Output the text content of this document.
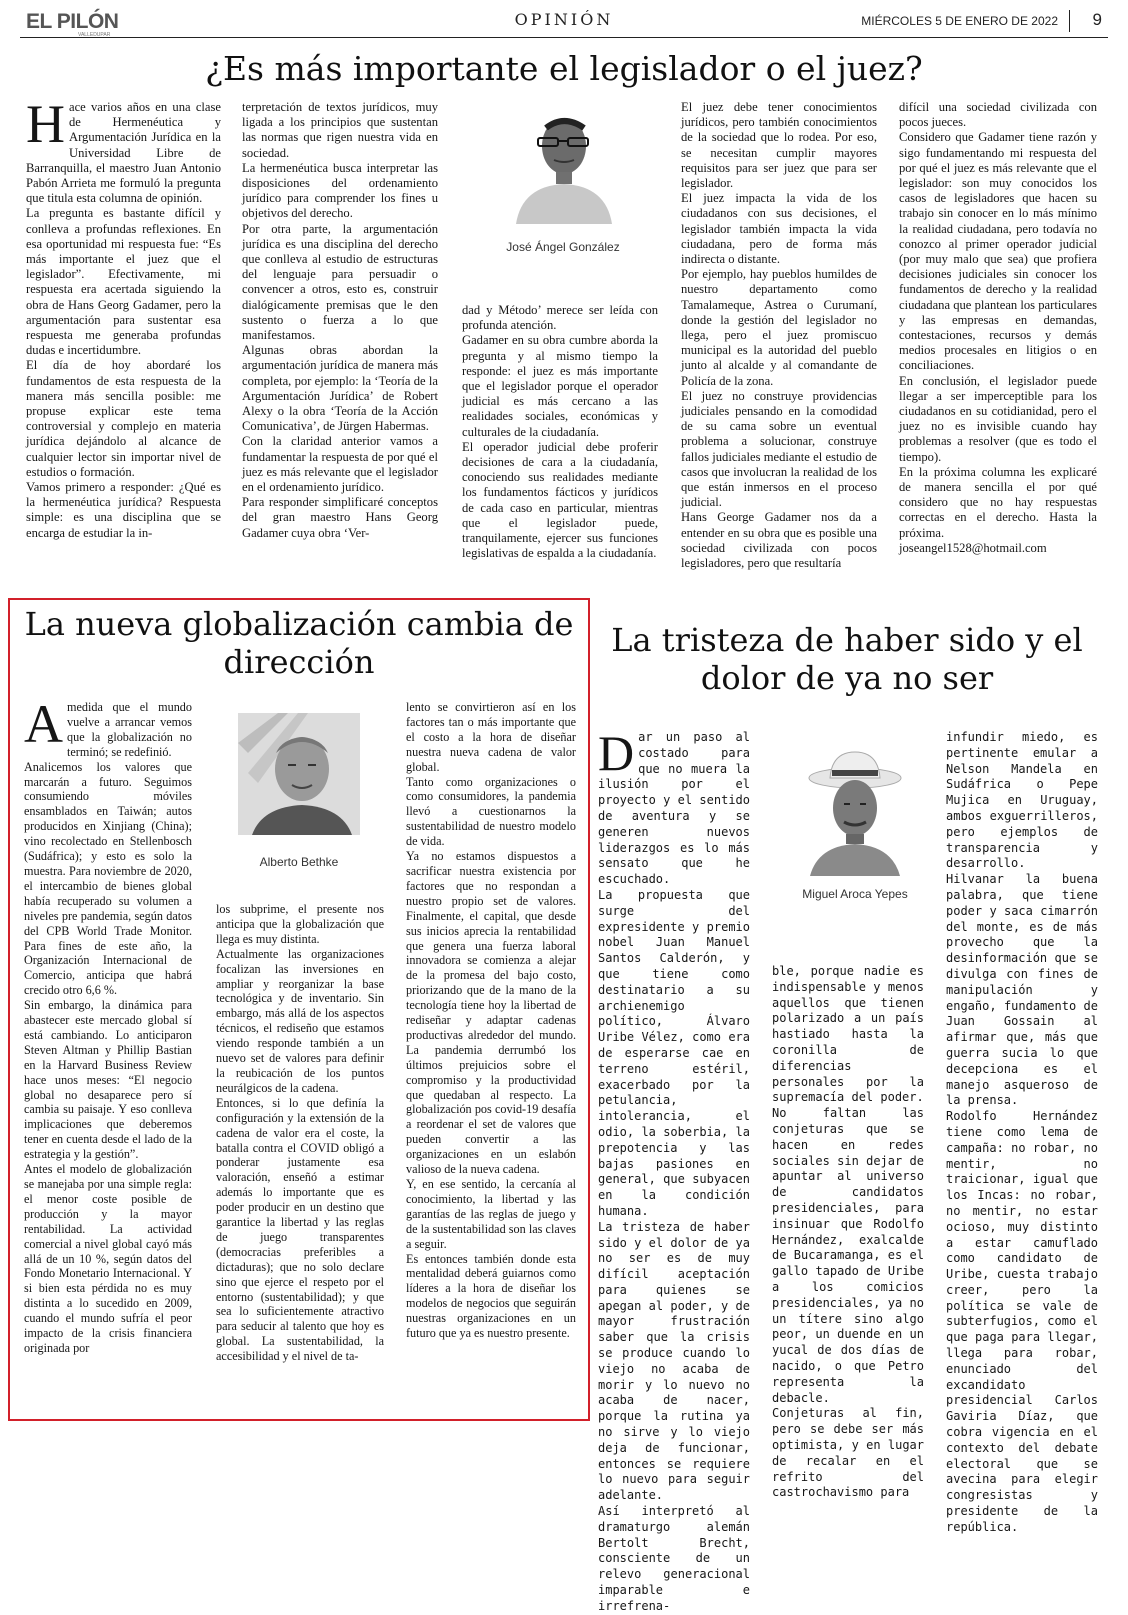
EL PILÓN
VALLEDUPAR
OPINIÓN	MIÉRCOLES 5 DE ENERO DE 2022 9
¿Es más importante el legislador o el juez?
H ace varios años en una clase de Hermenéutica y Argumentación Jurídica en la Universidad Libre de Barranquilla, el maestro Juan Antonio Pabón Arrieta me formuló la pregunta que titula esta columna de opinión.

La pregunta es bastante difícil y conlleva a profundas reflexiones. En esa oportunidad mi respuesta fue: “Es más importante el juez que el legislador”. Efectivamente, mi respuesta era acertada siguiendo la obra de Hans Georg Gadamer, pero la argumentación para sustentar esa respuesta me generaba profundas dudas e incertidumbre.

El día de hoy abordaré los fundamentos de esta respuesta de la manera más sencilla posible: me propuse explicar este tema controversial y complejo en materia jurídica dejándolo al alcance de cualquier lector sin importar nivel de estudios o formación.

Vamos primero a responder: ¿Qué es la hermenéutica jurídica? Respuesta simple: es una disciplina que se encarga de estudiar la in-

terpretación de textos jurídicos, muy ligada a los principios que sustentan las normas que rigen nuestra vida en sociedad.

La hermenéutica busca interpretar las disposiciones del ordenamiento jurídico para comprender los fines u objetivos del derecho.

Por otra parte, la argumentación jurídica es una disciplina del derecho que conlleva al estudio de estructuras del lenguaje para persuadir o convencer a otros, esto es, construir dialógicamente premisas que le den sustento o fuerza a lo que manifestamos.

Algunas obras abordan la argumentación jurídica de manera más completa, por ejemplo: la ‘Teoría de la Argumentación Jurídica’ de Robert Alexy o la obra ‘Teoría de la Acción Comunicativa’, de Jürgen Habermas.

Con la claridad anterior vamos a fundamentar la respuesta de por qué el juez es más relevante que el legislador en el ordenamiento jurídico.

Para responder simplificaré conceptos del gran maestro Hans Georg Gadamer cuya obra ‘Ver-

José Ángel González

dad y Método’ merece ser leída con profunda atención.

Gadamer en su obra cumbre aborda la pregunta y al mismo tiempo la responde: el juez es más importante que el legislador porque el operador judicial es más cercano a las realidades sociales, económicas y culturales de la ciudadanía.

El operador judicial debe proferir decisiones de cara a la ciudadanía, conociendo sus realidades mediante los fundamentos fácticos y jurídicos de cada caso en particular, mientras que el legislador puede, tranquilamente, ejercer sus funciones legislativas de espalda a la ciudadanía.

El juez debe tener conocimientos jurídicos, pero también conocimientos de la sociedad que lo rodea. Por eso, se necesitan cumplir mayores requisitos para ser juez que para ser legislador.

El juez impacta la vida de los ciudadanos con sus decisiones, el legislador también impacta la vida ciudadana, pero de forma más indirecta o distante.

Por ejemplo, hay pueblos humildes de nuestro departamento como Tamalameque, Astrea o Curumaní, donde la gestión del legislador no llega, pero el juez promiscuo municipal es la autoridad del pueblo junto al alcalde y al comandante de Policía de la zona.

El juez no construye providencias judiciales pensando en la comodidad de su cama sobre un eventual problema a solucionar, construye fallos judiciales mediante el estudio de casos que involucran la realidad de los que están inmersos en el proceso judicial.

Hans George Gadamer nos da a entender en su obra que es posible una sociedad civilizada con pocos legisladores, pero que resultaría

difícil una sociedad civilizada con pocos jueces.

Considero que Gadamer tiene razón y sigo fundamentando mi respuesta del por qué el juez es más relevante que el legislador: son muy conocidos los casos de legisladores que hacen su trabajo sin conocer en lo más mínimo la realidad ciudadana, pero todavía no conozco al primer operador judicial (por muy malo que sea) que profiera decisiones judiciales sin conocer los fundamentos de derecho y la realidad ciudadana que plantean los particulares y las empresas en demandas, contestaciones, recursos y demás medios procesales en litigios o en conciliaciones.

En conclusión, el legislador puede llegar a ser imperceptible para los ciudadanos en su cotidianidad, pero el juez no es invisible cuando hay problemas a resolver (que es todo el tiempo).

En la próxima columna les explicaré de manera sencilla el por qué considero que no hay respuestas correctas en el derecho. Hasta la próxima.

joseangel1528@hotmail.com

La nueva globalización cambia de dirección
A medida que el mundo vuelve a arrancar vemos que la globalización no terminó; se redefinió.

Analicemos los valores que marcarán a futuro. Seguimos consumiendo móviles ensamblados en Taiwán; autos producidos en Xinjiang (China); vino recolectado en Stellenbosch (Sudáfrica); y esto es solo la muestra. Para noviembre de 2020, el intercambio de bienes global había recuperado su volumen a niveles pre pandemia, según datos del CPB World Trade Monitor. Para fines de este año, la Organización Internacional de Comercio, anticipa que habrá crecido otro 6,6 %.

Sin embargo, la dinámica para abastecer este mercado global sí está cambiando. Lo anticiparon Steven Altman y Phillip Bastian en la Harvard Business Review hace unos meses: “El negocio global no desaparece pero sí cambia su paisaje. Y eso conlleva implicaciones que deberemos tener en cuenta desde el lado de la estrategia y la gestión”.

Antes el modelo de globalización se manejaba por una simple regla: el menor coste posible de producción y la mayor rentabilidad. La actividad comercial a nivel global cayó más allá de un 10 %, según datos del Fondo Monetario Internacional. Y si bien esta pérdida no es muy distinta a lo sucedido en 2009, cuando el mundo sufría el peor impacto de la crisis financiera originada por

Alberto Bethke

los subprime, el presente nos anticipa que la globalización que llega es muy distinta.

Actualmente las organizaciones focalizan las inversiones en ampliar y reorganizar la base tecnológica y de inventario. Sin embargo, más allá de los aspectos técnicos, el rediseño que estamos viendo responde también a un nuevo set de valores para definir la reubicación de los puntos neurálgicos de la cadena.

Entonces, si lo que definía la configuración y la extensión de la cadena de valor era el coste, la batalla contra el COVID obligó a ponderar justamente esa valoración, enseñó a estimar además lo importante que es poder producir en un destino que garantice la libertad y las reglas de juego transparentes (democracias preferibles a dictaduras); que no solo declare sino que ejerce el respeto por el entorno (sustentabilidad); y que sea lo suficientemente atractivo para seducir al talento que hoy es global. La sustentabilidad, la accesibilidad y el nivel de ta-

lento se convirtieron así en los factores tan o más importante que el costo a la hora de diseñar nuestra nueva cadena de valor global.

Tanto como organizaciones o como consumidores, la pandemia llevó a cuestionarnos la sustentabilidad de nuestro modelo de vida.

Ya no estamos dispuestos a sacrificar nuestra existencia por factores que no respondan a nuestro propio set de valores. Finalmente, el capital, que desde sus inicios aprecia la rentabilidad que genera una fuerza laboral innovadora se comienza a alejar de la promesa del bajo costo, priorizando que de la mano de la tecnología tiene hoy la libertad de rediseñar y adaptar cadenas productivas alrededor del mundo. La pandemia derrumbó los últimos prejuicios sobre el compromiso y la productividad que quedaban al respecto. La globalización pos covid-19 desafía a reordenar el set de valores que pueden convertir a las organizaciones en un eslabón valioso de la nueva cadena.

Y, en ese sentido, la cercanía al conocimiento, la libertad y las garantías de las reglas de juego y de la sustentabilidad son las claves a seguir.

Es entonces también donde esta mentalidad deberá guiarnos como líderes a la hora de diseñar los modelos de negocios que seguirán nuestras organizaciones en un futuro que ya es nuestro presente.

La tristeza de haber sido y el dolor de ya no ser
D ar un paso al costado para que no muera la ilusión por el proyecto y el sentido de aventura y se generen nuevos liderazgos es lo más sensato que he escuchado.

La propuesta que surge del expresidente y premio nobel Juan Manuel Santos Calderón, y que tiene como destinatario a su archienemigo político, Álvaro Uribe Vélez, como era de esperarse cae en terreno estéril, exacerbado por la petulancia, intolerancia, el odio, la soberbia, la prepotencia y las bajas pasiones en general, que subyacen en la condición humana.

La tristeza de haber sido y el dolor de ya no ser es de muy difícil aceptación para quienes se apegan al poder, y de mayor frustración saber que la crisis se produce cuando lo viejo no acaba de morir y lo nuevo no acaba de nacer, porque la rutina ya no sirve y lo viejo deja de funcionar, entonces se requiere lo nuevo para seguir adelante.

Así interpretó al dramaturgo alemán Bertolt Brecht, consciente de un relevo generacional imparable e irrefrena-

Miguel Aroca Yepes

ble, porque nadie es indispensable y menos aquellos que tienen polarizado a un país hastiado hasta la coronilla de diferencias personales por la supremacía del poder.

No faltan las conjeturas que se hacen en redes sociales sin dejar de apuntar al universo de candidatos presidenciales, para insinuar que Rodolfo Hernández, exalcalde de Bucaramanga, es el gallo tapado de Uribe a los comicios presidenciales, ya no un títere sino algo peor, un duende en un yucal de dos días de nacido, o que Petro representa la debacle.

Conjeturas al fin, pero se debe ser más optimista, y en lugar de recalar en el refrito del castrochavismo para

infundir miedo, es pertinente emular a Nelson Mandela en Sudáfrica o Pepe Mujica en Uruguay, ambos exguerrilleros, pero ejemplos de transparencia y desarrollo.

Hilvanar la buena palabra, que tiene poder y saca cimarrón del monte, es de más provecho que la desinformación que se divulga con fines de manipulación y engaño, fundamento de Juan Gossain al afirmar que, más que guerra sucia lo que decepciona es el manejo asqueroso de la prensa.

Rodolfo Hernández tiene como lema de campaña: no robar, no mentir, no traicionar, igual que los Incas: no robar, no mentir, no estar ocioso, muy distinto a estar camuflado como candidato de Uribe, cuesta trabajo creer, pero la política se vale de subterfugios, como el que paga para llegar, llega para robar, enunciado del excandidato presidencial Carlos Gaviria Díaz, que cobra vigencia en el contexto del debate electoral que se avecina para elegir congresistas y presidente de la república.
